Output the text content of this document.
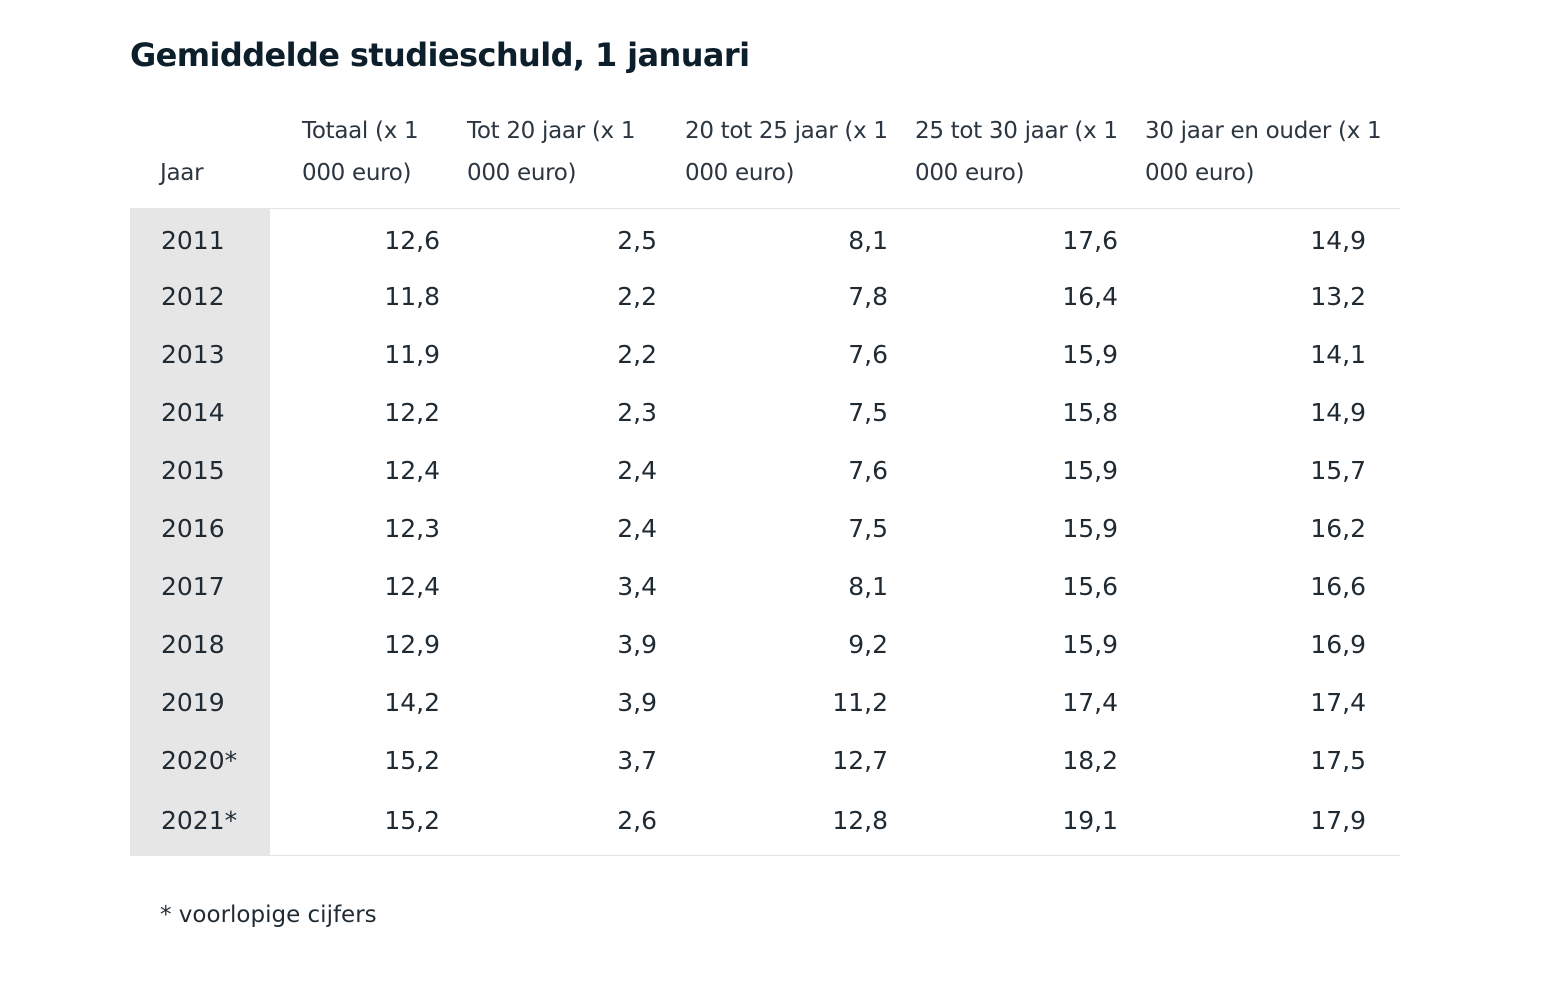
Gemiddelde studieschuld, 1 januari
Jaar	Totaal (x 1 000 euro)	Tot 20 jaar (x 1 000 euro)	20 tot 25 jaar (x 1 000 euro)	25 tot 30 jaar (x 1 000 euro)	30 jaar en ouder (x 1 000 euro)
2011	12,6	2,5	8,1	17,6	14,9
2012	11,8	2,2	7,8	16,4	13,2
2013	11,9	2,2	7,6	15,9	14,1
2014	12,2	2,3	7,5	15,8	14,9
2015	12,4	2,4	7,6	15,9	15,7
2016	12,3	2,4	7,5	15,9	16,2
2017	12,4	3,4	8,1	15,6	16,6
2018	12,9	3,9	9,2	15,9	16,9
2019	14,2	3,9	11,2	17,4	17,4
2020*	15,2	3,7	12,7	18,2	17,5
2021*	15,2	2,6	12,8	19,1	17,9

* voorlopige cijfers
